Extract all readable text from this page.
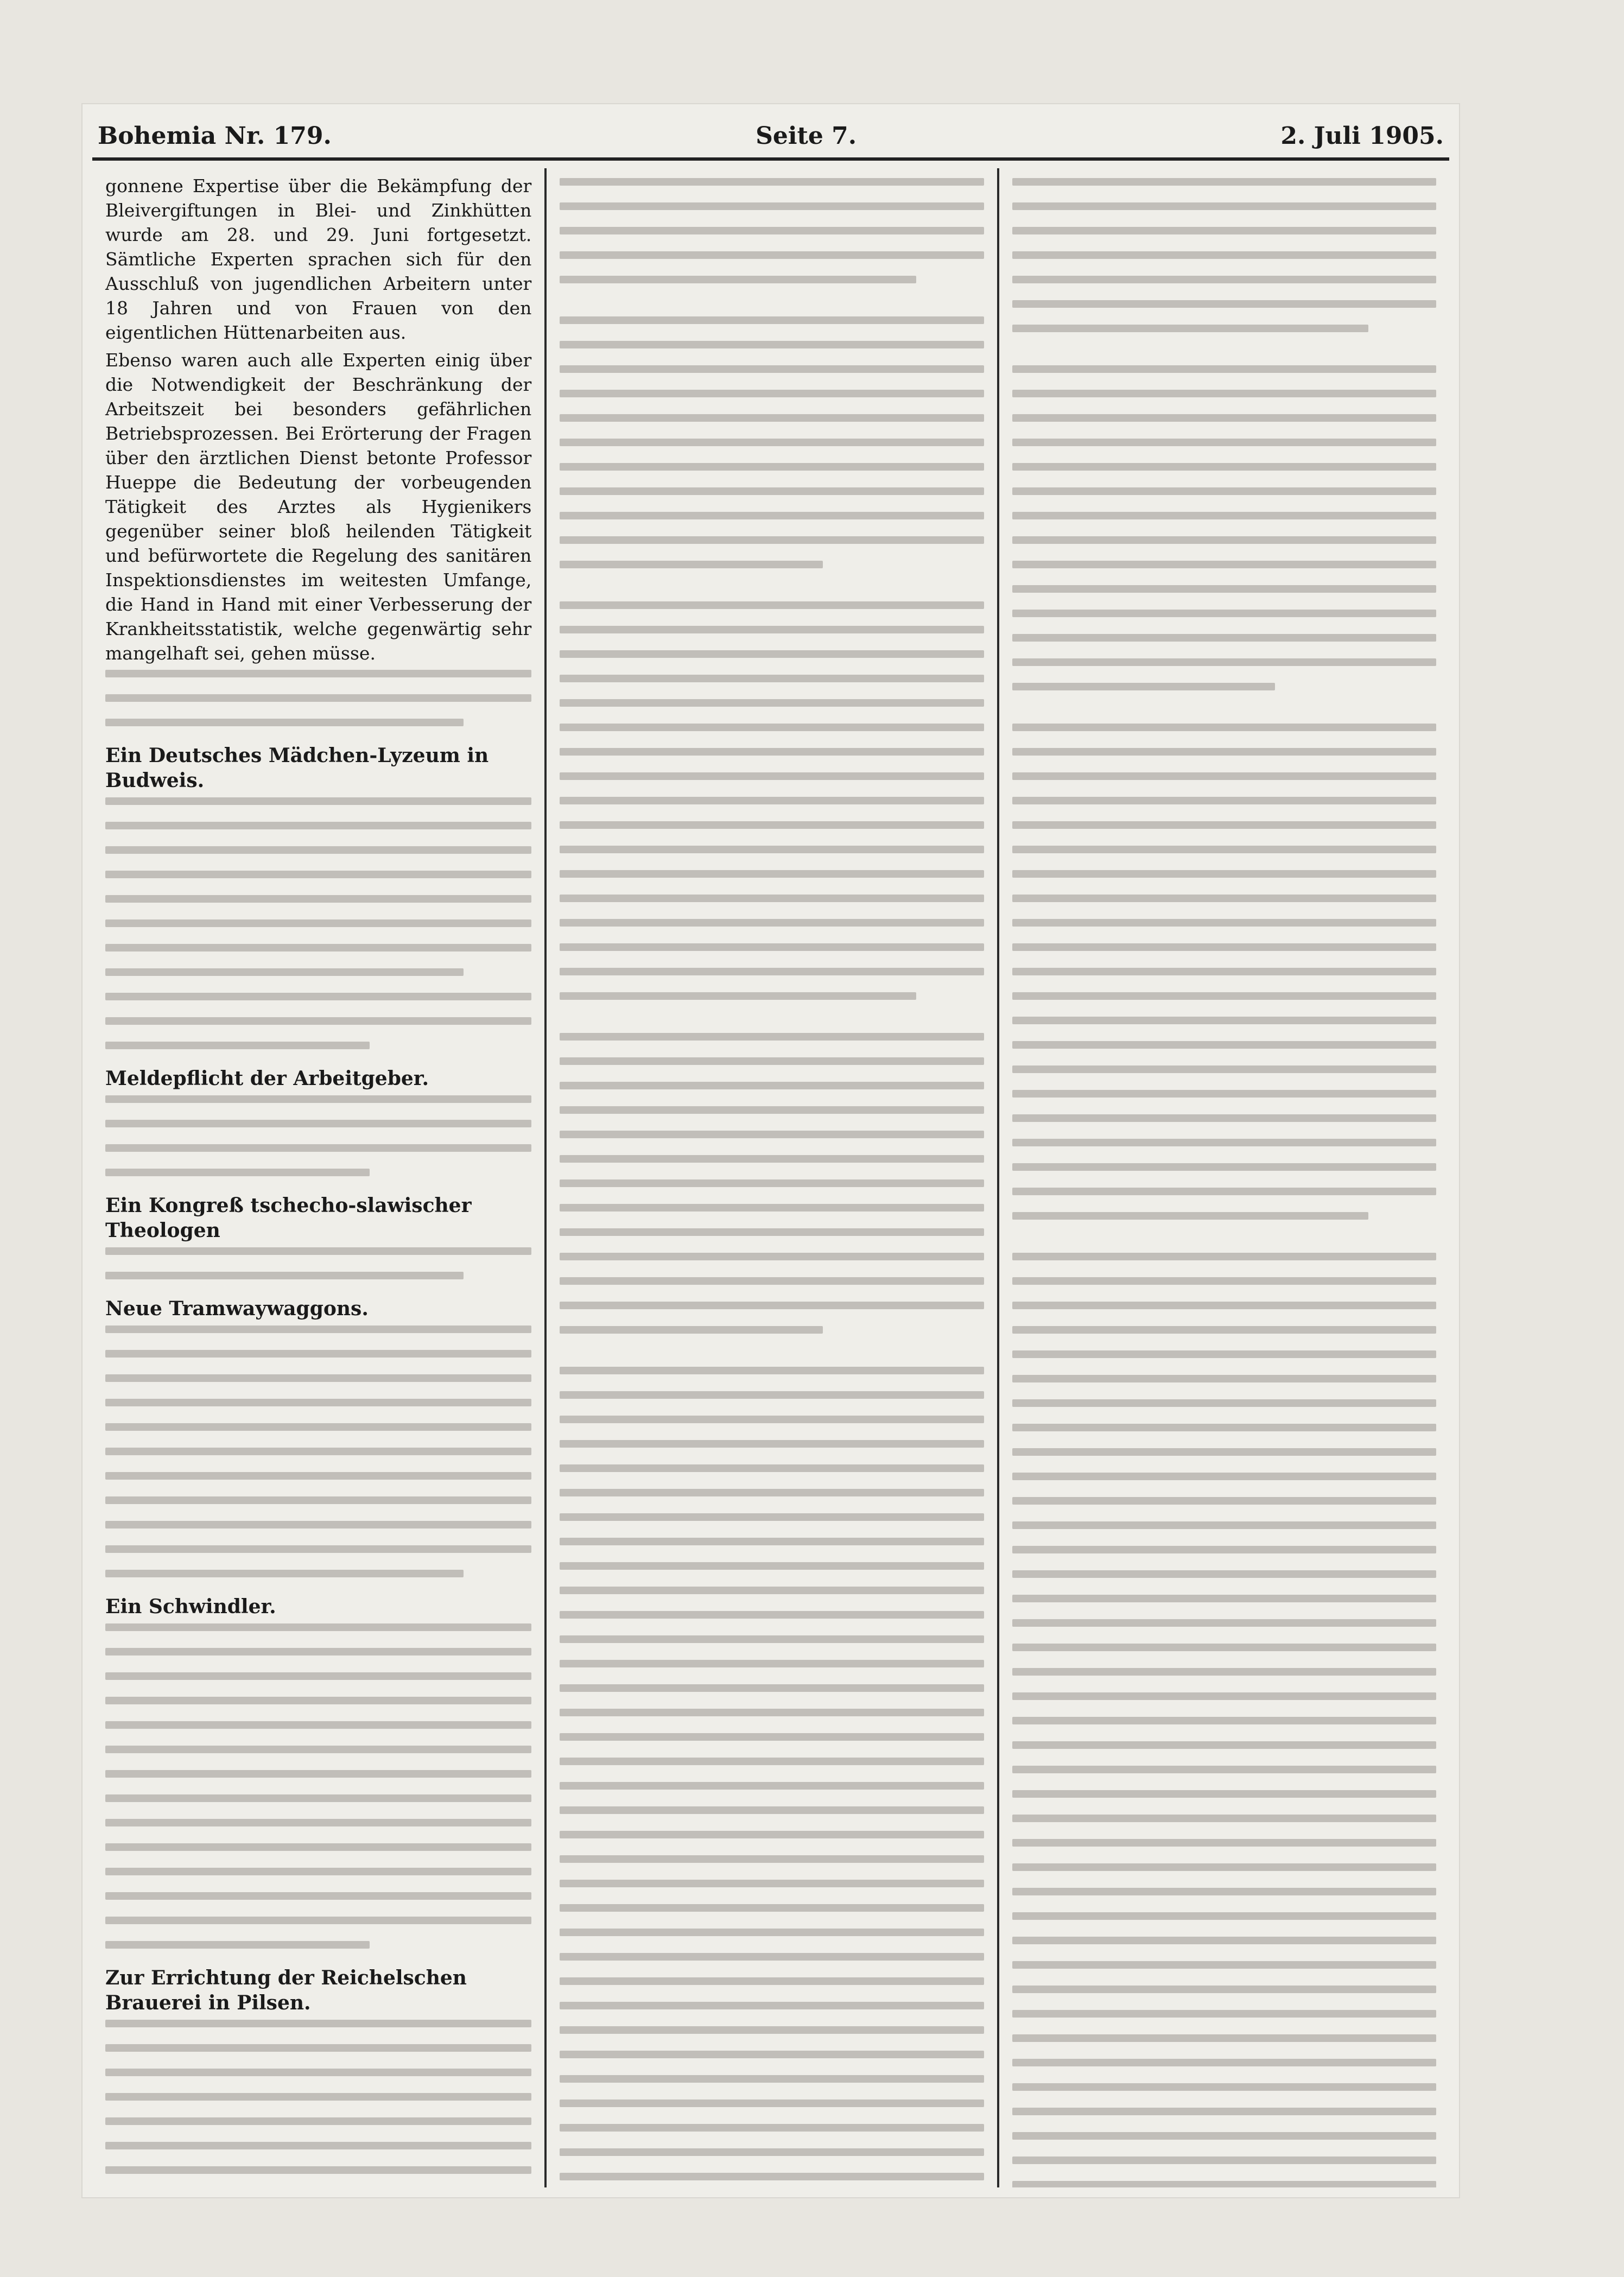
Bohemia Nr. 179.	Seite 7.	2. Juli 1905.

gonnene Expertise über die Bekämpfung der Bleivergiftungen in Blei- und Zinkhütten wurde am 28. und 29. Juni fortgesetzt. Sämtliche Experten sprachen sich für den Ausschluß von jugendlichen Arbeitern unter 18 Jahren und von Frauen von den eigentlichen Hüttenarbeiten aus.

Ebenso waren auch alle Experten einig über die Notwendigkeit der Beschränkung der Arbeitszeit bei besonders gefährlichen Betriebsprozessen. Bei Erörterung der Fragen über den ärztlichen Dienst betonte Professor Hueppe die Bedeutung der vorbeugenden Tätigkeit des Arztes als Hygienikers gegenüber seiner bloß heilenden Tätigkeit und befürwortete die Regelung des sanitären Inspektionsdienstes im weitesten Umfange, die Hand in Hand mit einer Verbesserung der Krankheitsstatistik, welche gegenwärtig sehr mangelhaft sei, gehen müsse.

Ein Deutsches Mädchen-Lyzeum in Budweis.
Meldepflicht der Arbeitgeber.
Ein Kongreß tschecho-slawischer Theologen
Neue Tramwaywaggons.
Ein Schwindler.
Zur Errichtung der Reichelschen Brauerei in Pilsen.
